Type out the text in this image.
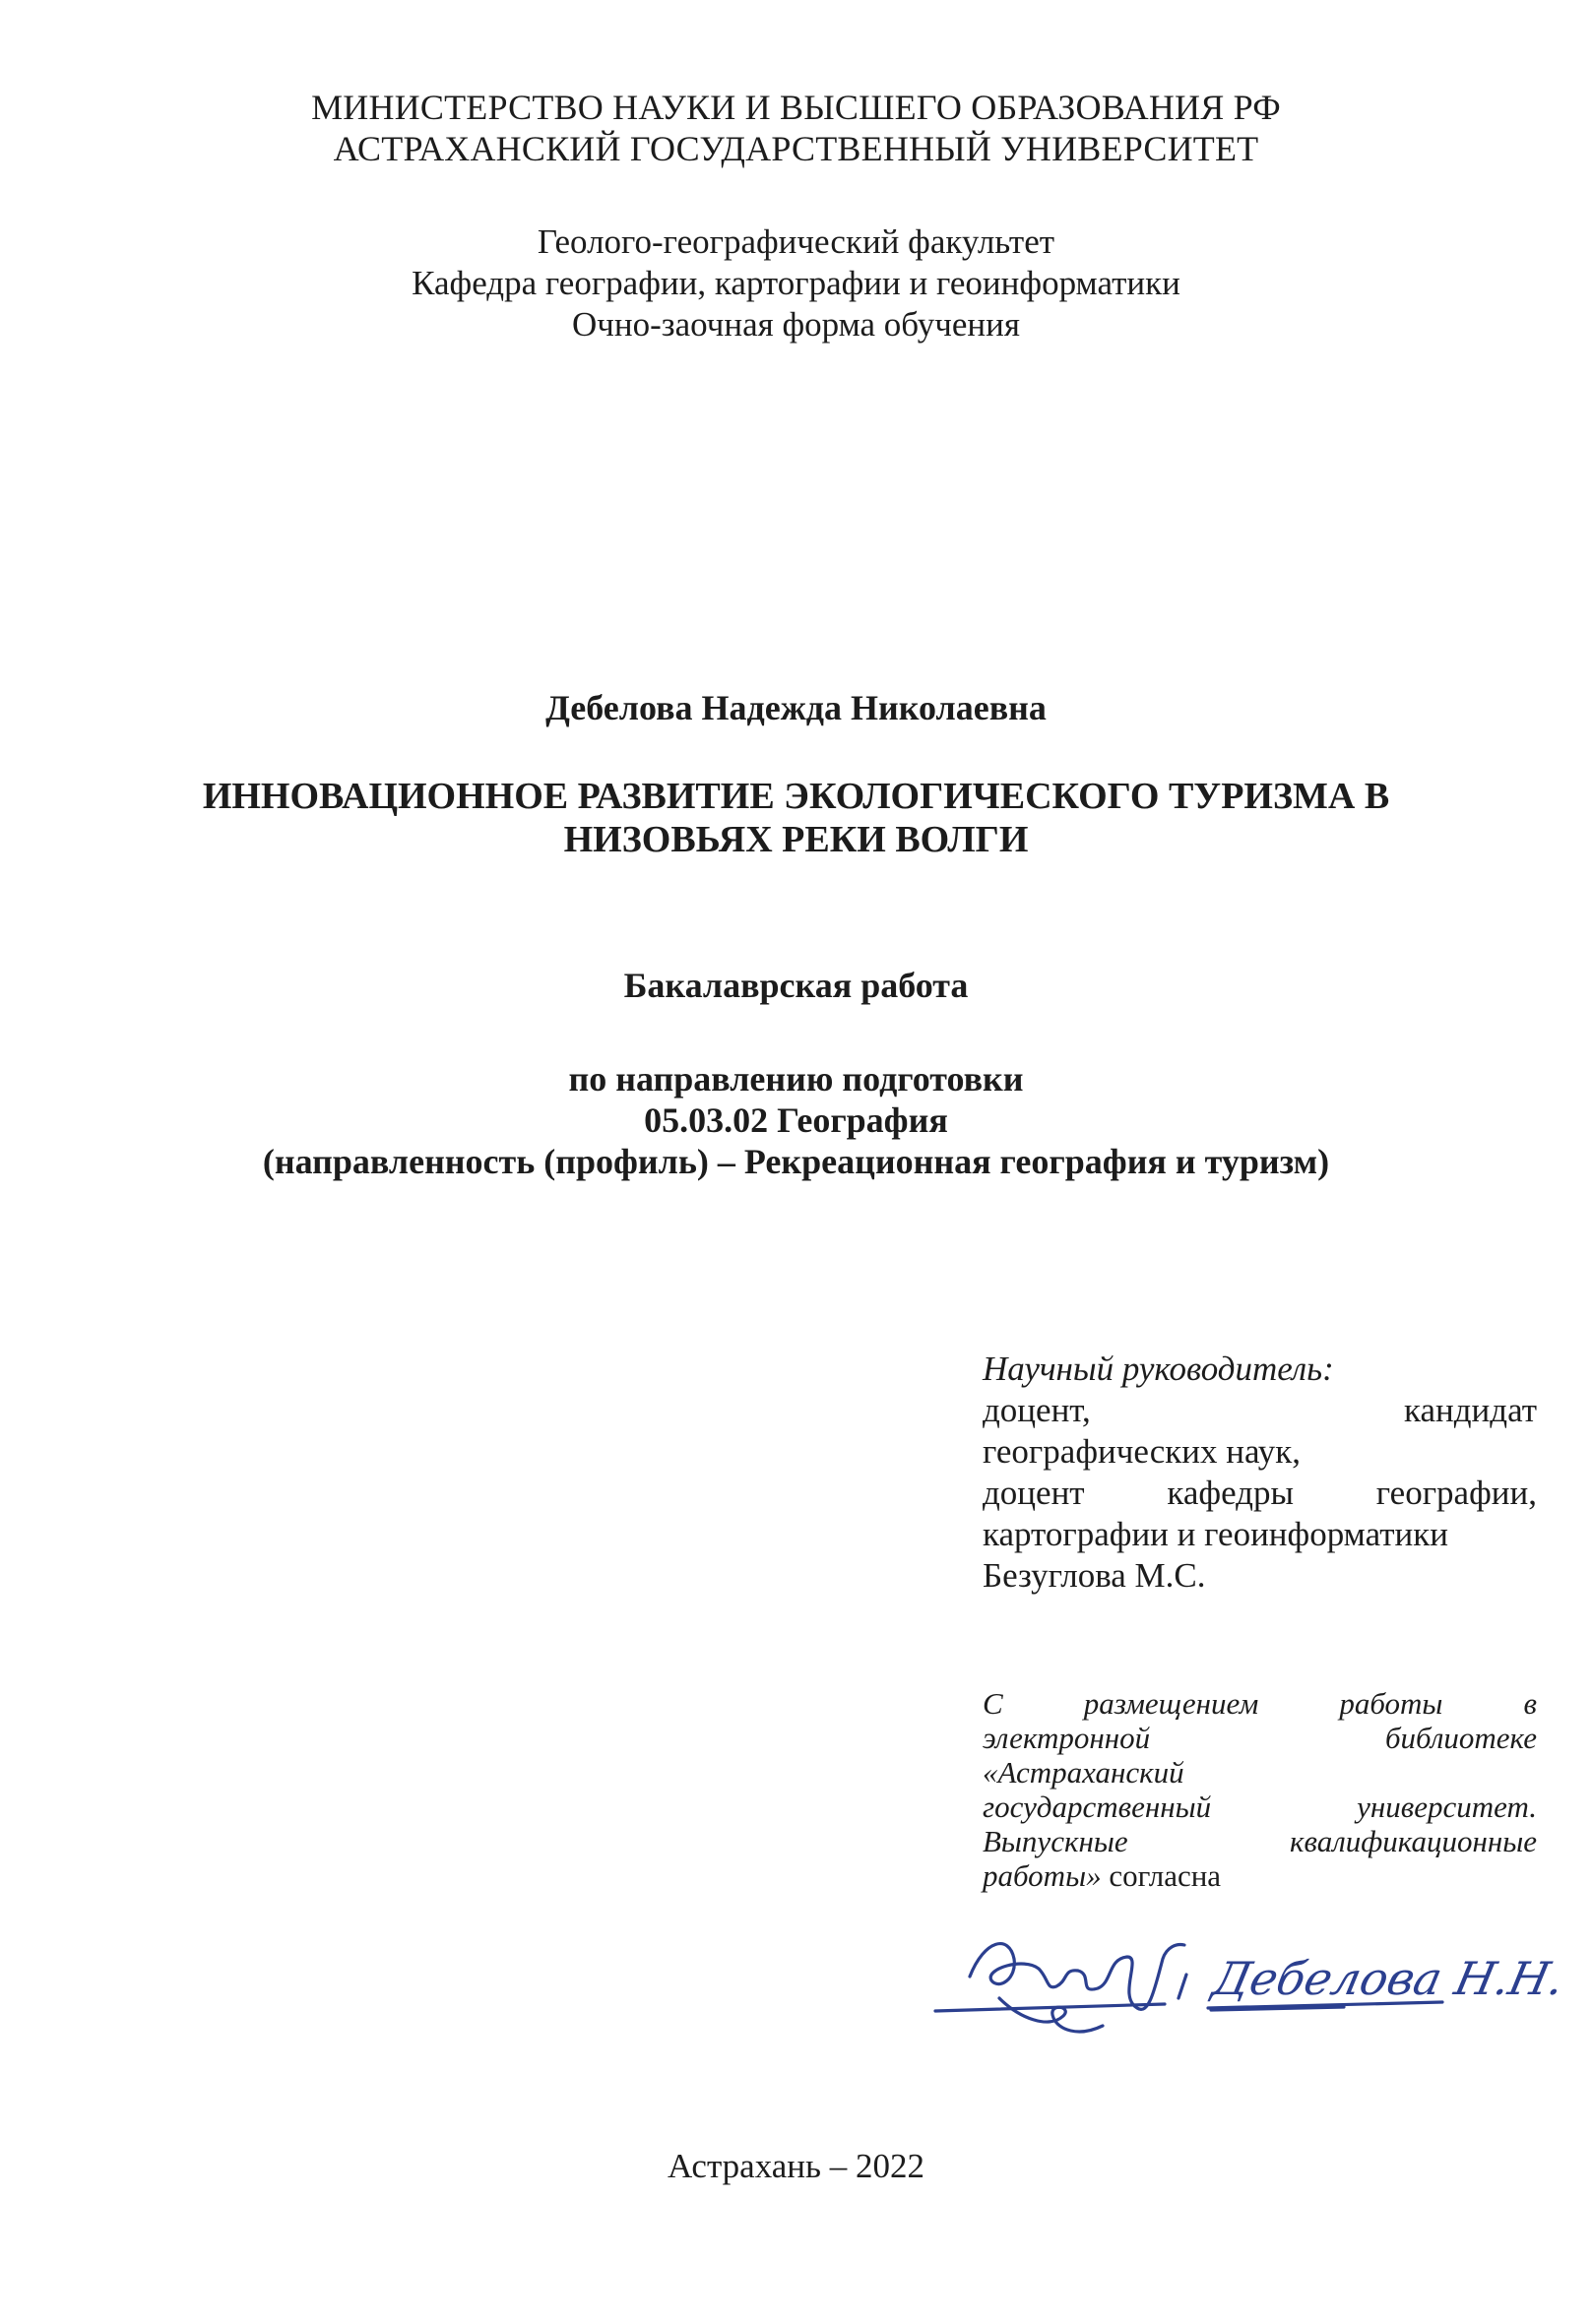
МИНИСТЕРСТВО НАУКИ И ВЫСШЕГО ОБРАЗОВАНИЯ РФ
АСТРАХАНСКИЙ ГОСУДАРСТВЕННЫЙ УНИВЕРСИТЕТ
Геолого-географический факультет
Кафедра географии, картографии и геоинформатики
Очно-заочная форма обучения
Дебелова Надежда Николаевна
ИННОВАЦИОННОЕ РАЗВИТИЕ ЭКОЛОГИЧЕСКОГО ТУРИЗМА В
НИЗОВЬЯХ РЕКИ ВОЛГИ
Бакалаврская работа
по направлению подготовки
05.03.02 География
(направленность (профиль) – Рекреационная география и туризм)
Научный руководитель:
доцент,	кандидат
географических наук,
доцент кафедры географии,
картографии и геоинформатики
Безуглова М.С.
С	размещением	работы	в
электронной	библиотеке
«Астраханский
государственный	университет.
Выпускные	квалификационные
работы» согласна
Дебелова Н.Н.
Астрахань – 2022
